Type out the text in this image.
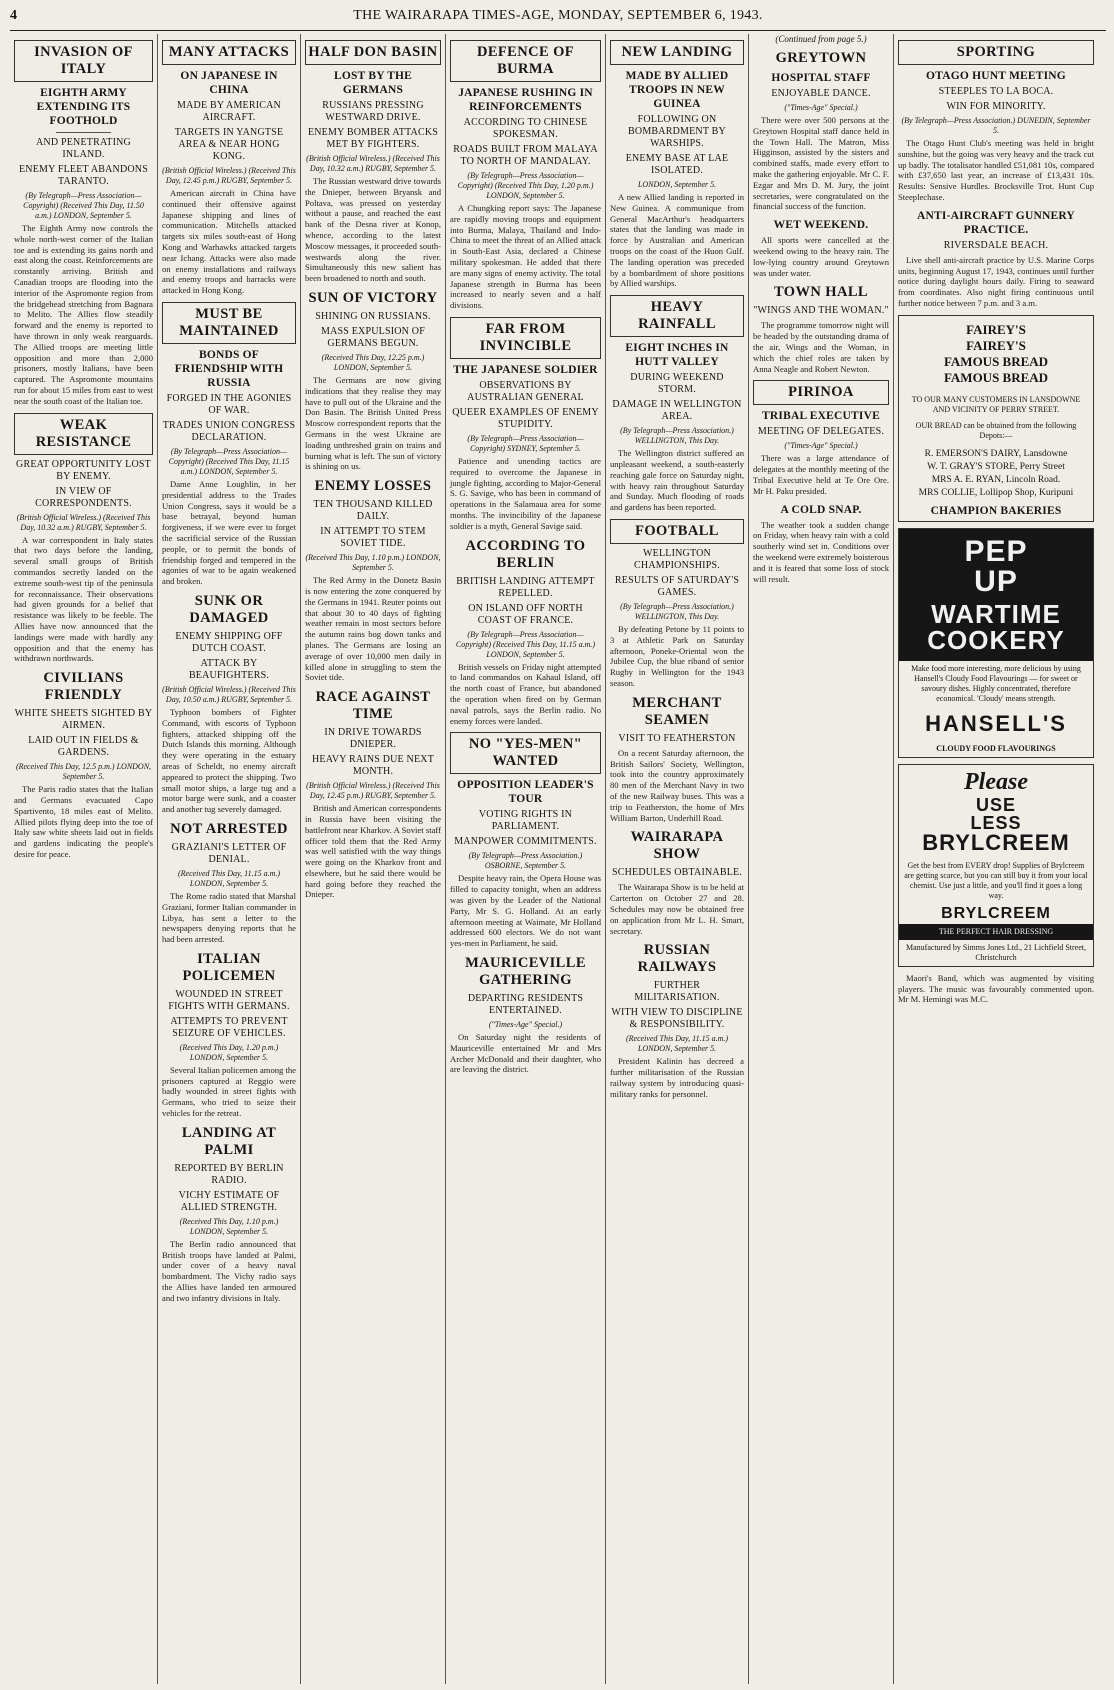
4	THE WAIRARAPA TIMES-AGE, MONDAY, SEPTEMBER 6, 1943.
INVASION OF ITALY
EIGHTH ARMY EXTENDING ITS FOOTHOLD
AND PENETRATING INLAND.
ENEMY FLEET ABANDONS TARANTO.
(By Telegraph—Press Association—Copyright) (Received This Day, 11.50 a.m.) LONDON, September 5.

The Eighth Army now controls the whole north-west corner of the Italian toe and is extending its gains north and east along the coast. Reinforcements are constantly arriving. British and Canadian troops are flooding into the interior of the Aspromonte region from the bridgehead stretching from Bagnara to Melito. The Allies flow steadily forward and the enemy is reported to have thrown in only weak rearguards. The Allied troops are meeting little opposition and more than 2,000 prisoners, mostly Italians, have been captured. The Aspromonte mountains run for about 15 miles from east to west near the south coast of the Italian toe.

WEAK RESISTANCE
GREAT OPPORTUNITY LOST BY ENEMY.
IN VIEW OF CORRESPONDENTS.
(British Official Wireless.) (Received This Day, 10.32 a.m.) RUGBY, September 5.

A war correspondent in Italy states that two days before the landing, several small groups of British commandos secretly landed on the extreme south-west tip of the peninsula for reconnaissance. Their observations had given grounds for a belief that resistance was likely to be feeble. The Allies have now announced that the landings were made with hardly any opposition and that the enemy has withdrawn northwards.

CIVILIANS FRIENDLY
WHITE SHEETS SIGHTED BY AIRMEN.
LAID OUT IN FIELDS & GARDENS.
(Received This Day, 12.5 p.m.) LONDON, September 5.

The Paris radio states that the Italian and Germans evacuated Capo Spartivento, 18 miles east of Melito. Allied pilots flying deep into the toe of Italy saw white sheets laid out in fields and gardens indicating the people's desire for peace.

MANY ATTACKS
ON JAPANESE IN CHINA
MADE BY AMERICAN AIRCRAFT.
TARGETS IN YANGTSE AREA & NEAR HONG KONG.
(British Official Wireless.) (Received This Day, 12.45 p.m.) RUGBY, September 5.

American aircraft in China have continued their offensive against Japanese shipping and lines of communication. Mitchells attacked targets six miles south-east of Hong Kong and Warhawks attacked targets near Ichang. Attacks were also made on enemy installations and railways and enemy troops and barracks were attacked in Hong Kong.

MUST BE MAINTAINED
BONDS OF FRIENDSHIP WITH RUSSIA
FORGED IN THE AGONIES OF WAR.
TRADES UNION CONGRESS DECLARATION.
(By Telegraph—Press Association—Copyright) (Received This Day, 11.15 a.m.) LONDON, September 5.

Dame Anne Loughlin, in her presidential address to the Trades Union Congress, says it would be a base betrayal, beyond human forgiveness, if we were ever to forget the sacrificial service of the Russian people, or to permit the bonds of friendship forged and tempered in the agonies of war to be again weakened and broken.

SUNK OR DAMAGED
ENEMY SHIPPING OFF DUTCH COAST.
ATTACK BY BEAUFIGHTERS.
(British Official Wireless.) (Received This Day, 10.50 a.m.) RUGBY, September 5.

Typhoon bombers of Fighter Command, with escorts of Typhoon fighters, attacked shipping off the Dutch Islands this morning. Although they were operating in the estuary areas of Scheldt, no enemy aircraft appeared to protect the shipping. Two small motor ships, a large tug and a motor barge were sunk, and a coaster and another tug severely damaged.

NOT ARRESTED
GRAZIANI'S LETTER OF DENIAL.
(Received This Day, 11.15 a.m.) LONDON, September 5.

The Rome radio stated that Marshal Graziani, former Italian commander in Libya, has sent a letter to the newspapers denying reports that he had been arrested.

ITALIAN POLICEMEN
WOUNDED IN STREET FIGHTS WITH GERMANS.
ATTEMPTS TO PREVENT SEIZURE OF VEHICLES.
(Received This Day, 1.20 p.m.) LONDON, September 5.

Several Italian policemen among the prisoners captured at Reggio were badly wounded in street fights with Germans, who tried to seize their vehicles for the retreat.

LANDING AT PALMI
REPORTED BY BERLIN RADIO.
VICHY ESTIMATE OF ALLIED STRENGTH.
(Received This Day, 1.10 p.m.) LONDON, September 5.

The Berlin radio announced that British troops have landed at Palmi, under cover of a heavy naval bombardment. The Vichy radio says the Allies have landed ten armoured and two infantry divisions in Italy.

HALF DON BASIN
LOST BY THE GERMANS
RUSSIANS PRESSING WESTWARD DRIVE.
ENEMY BOMBER ATTACKS MET BY FIGHTERS.
(British Official Wireless.) (Received This Day, 10.32 a.m.) RUGBY, September 5.

The Russian westward drive towards the Dnieper, between Bryansk and Poltava, was pressed on yesterday without a pause, and reached the east bank of the Desna river at Konop, whence, according to the latest Moscow messages, it proceeded south-westwards along the river. Simultaneously this new salient has been broadened to north and south.

SUN OF VICTORY
SHINING ON RUSSIANS.
MASS EXPULSION OF GERMANS BEGUN.
(Received This Day, 12.25 p.m.) LONDON, September 5.

The Germans are now giving indications that they realise they may have to pull out of the Ukraine and the Don Basin. The British United Press Moscow correspondent reports that the Germans in the west Ukraine are loading unthreshed grain on trains and burning what is left. The sun of victory is shining on us.

ENEMY LOSSES
TEN THOUSAND KILLED DAILY.
IN ATTEMPT TO STEM SOVIET TIDE.
(Received This Day, 1.10 p.m.) LONDON, September 5.

The Red Army in the Donetz Basin is now entering the zone conquered by the Germans in 1941. Reuter points out that about 30 to 40 days of fighting weather remain in most sectors before the autumn rains bog down tanks and planes. The Germans are losing an average of over 10,000 men daily in killed alone in struggling to stem the Soviet tide.

RACE AGAINST TIME
IN DRIVE TOWARDS DNIEPER.
HEAVY RAINS DUE NEXT MONTH.
(British Official Wireless.) (Received This Day, 12.45 p.m.) RUGBY, September 5.

British and American correspondents in Russia have been visiting the battlefront near Kharkov. A Soviet staff officer told them that the Red Army was well satisfied with the way things were going on the Kharkov front and elsewhere, but he said there would be hard going before they reached the Dnieper.

DEFENCE OF BURMA
JAPANESE RUSHING IN REINFORCEMENTS
ACCORDING TO CHINESE SPOKESMAN.
ROADS BUILT FROM MALAYA TO NORTH OF MANDALAY.
(By Telegraph—Press Association—Copyright) (Received This Day, 1.20 p.m.) LONDON, September 5.

A Chungking report says: The Japanese are rapidly moving troops and equipment into Burma, Malaya, Thailand and Indo-China to meet the threat of an Allied attack in South-East Asia, declared a Chinese military spokesman. He added that there are many signs of enemy activity. The total Japanese strength in Burma has been increased to nearly seven and a half divisions.

FAR FROM INVINCIBLE
THE JAPANESE SOLDIER
OBSERVATIONS BY AUSTRALIAN GENERAL
QUEER EXAMPLES OF ENEMY STUPIDITY.
(By Telegraph—Press Association—Copyright) SYDNEY, September 5.

Patience and unending tactics are required to overcome the Japanese in jungle fighting, according to Major-General S. G. Savige, who has been in command of operations in the Salamaua area for some months. The invincibility of the Japanese soldier is a myth, General Savige said.

ACCORDING TO BERLIN
BRITISH LANDING ATTEMPT REPELLED.
ON ISLAND OFF NORTH COAST OF FRANCE.
(By Telegraph—Press Association—Copyright) (Received This Day, 11.15 a.m.) LONDON, September 5.

British vessels on Friday night attempted to land commandos on Kahaul Island, off the north coast of France, but abandoned the operation when fired on by German naval patrols, says the Berlin radio. No enemy forces were landed.

NO "YES-MEN" WANTED
OPPOSITION LEADER'S TOUR
VOTING RIGHTS IN PARLIAMENT.
MANPOWER COMMITMENTS.
(By Telegraph—Press Association.) OSBORNE, September 5.

Despite heavy rain, the Opera House was filled to capacity tonight, when an address was given by the Leader of the National Party, Mr S. G. Holland. At an early afternoon meeting at Waimate, Mr Holland addressed 600 electors. We do not want yes-men in Parliament, he said.

MAURICEVILLE GATHERING
DEPARTING RESIDENTS ENTERTAINED.
("Times-Age" Special.)

On Saturday night the residents of Mauriceville entertained Mr and Mrs Archer McDonald and their daughter, who are leaving the district.

NEW LANDING
MADE BY ALLIED TROOPS IN NEW GUINEA
FOLLOWING ON BOMBARDMENT BY WARSHIPS.
ENEMY BASE AT LAE ISOLATED.
LONDON, September 5.

A new Allied landing is reported in New Guinea. A communique from General MacArthur's headquarters states that the landing was made in force by Australian and American troops on the coast of the Huon Gulf. The landing operation was preceded by a bombardment of shore positions by Allied warships.

HEAVY RAINFALL
EIGHT INCHES IN HUTT VALLEY
DURING WEEKEND STORM.
DAMAGE IN WELLINGTON AREA.
(By Telegraph—Press Association.) WELLINGTON, This Day.

The Wellington district suffered an unpleasant weekend, a south-easterly reaching gale force on Saturday night, with heavy rain throughout Saturday and Sunday. Much flooding of roads and gardens has been reported.

FOOTBALL
WELLINGTON CHAMPIONSHIPS.
RESULTS OF SATURDAY'S GAMES.
(By Telegraph—Press Association.) WELLINGTON, This Day.

By defeating Petone by 11 points to 3 at Athletic Park on Saturday afternoon, Poneke-Oriental won the Jubilee Cup, the blue riband of senior Rugby in Wellington for the 1943 season.

MERCHANT SEAMEN
VISIT TO FEATHERSTON

On a recent Saturday afternoon, the British Sailors' Society, Wellington, took into the country approximately 80 men of the Merchant Navy in two of the new Railway buses. This was a trip to Featherston, the home of Mrs William Barton, Underhill Road.

WAIRARAPA SHOW
SCHEDULES OBTAINABLE.

The Wairarapa Show is to be held at Carterton on October 27 and 28. Schedules may now be obtained free on application from Mr L. H. Smart, secretary.

RUSSIAN RAILWAYS
FURTHER MILITARISATION.
WITH VIEW TO DISCIPLINE & RESPONSIBILITY.
(Received This Day, 11.15 a.m.) LONDON, September 5.

President Kalinin has decreed a further militarisation of the Russian railway system by introducing quasi-military ranks for personnel.

(Continued from page 5.)
GREYTOWN
HOSPITAL STAFF
ENJOYABLE DANCE.
("Times-Age" Special.)

There were over 500 persons at the Greytown Hospital staff dance held in the Town Hall. The Matron, Miss Higginson, assisted by the sisters and combined staffs, made every effort to make the gathering enjoyable. Mr C. F. Ezgar and Mrs D. M. Jury, the joint secretaries, were congratulated on the financial success of the function.

WET WEEKEND.

All sports were cancelled at the weekend owing to the heavy rain. The low-lying country around Greytown was under water.

TOWN HALL
"WINGS AND THE WOMAN."

The programme tomorrow night will be headed by the outstanding drama of the air, Wings and the Woman, in which the chief roles are taken by Anna Neagle and Robert Newton.

PIRINOA
TRIBAL EXECUTIVE
MEETING OF DELEGATES.
("Times-Age" Special.)

There was a large attendance of delegates at the monthly meeting of the Tribal Executive held at Te Ore Ore. Mr H. Paku presided.

A COLD SNAP.

The weather took a sudden change on Friday, when heavy rain with a cold southerly wind set in. Conditions over the weekend were extremely boisterous and it is feared that some loss of stock will result.

SPORTING
OTAGO HUNT MEETING
STEEPLES TO LA BOCA.
WIN FOR MINORITY.
(By Telegraph—Press Association.) DUNEDIN, September 5.

The Otago Hunt Club's meeting was held in bright sunshine, but the going was very heavy and the track cut up badly. The totalisator handled £51,081 10s, compared with £37,650 last year, an increase of £13,431 10s. Results: Sensive Hurdles. Brocksville Trot. Hunt Cup Steeplechase.

ANTI-AIRCRAFT GUNNERY PRACTICE.
RIVERSDALE BEACH.

Live shell anti-aircraft practice by U.S. Marine Corps units, beginning August 17, 1943, continues until further notice during daylight hours daily. Firing to seaward from coordinates. Also night firing continuous until further notice between 7 p.m. and 3 a.m.

FAIREY'S
FAIREY'S
FAMOUS BREAD
FAMOUS BREAD
TO OUR MANY CUSTOMERS IN LANSDOWNE AND VICINITY OF PERRY STREET.
OUR BREAD can be obtained from the following Depots:—
R. EMERSON'S DAIRY, Lansdowne
W. T. GRAY'S STORE, Perry Street
MRS A. E. RYAN, Lincoln Road.
MRS COLLIE, Lollipop Shop, Kuripuni
CHAMPION BAKERIES
PEP
UP
WARTIME
COOKERY
Make food more interesting, more delicious by using Hansell's Cloudy Food Flavourings — for sweet or savoury dishes. Highly concentrated, therefore economical. 'Cloudy' means strength.
HANSELL'S
CLOUDY FOOD FLAVOURINGS
Please
USE
LESS
BRYLCREEM
Get the best from EVERY drop! Supplies of Brylcreem are getting scarce, but you can still buy it from your local chemist. Use just a little, and you'll find it goes a long way.
BRYLCREEM
THE PERFECT HAIR DRESSING
Manufactured by Simms Jones Ltd., 21 Lichfield Street, Christchurch

Maori's Band, which was augmented by visiting players. The music was favourably commented upon. Mr M. Hemingi was M.C.
